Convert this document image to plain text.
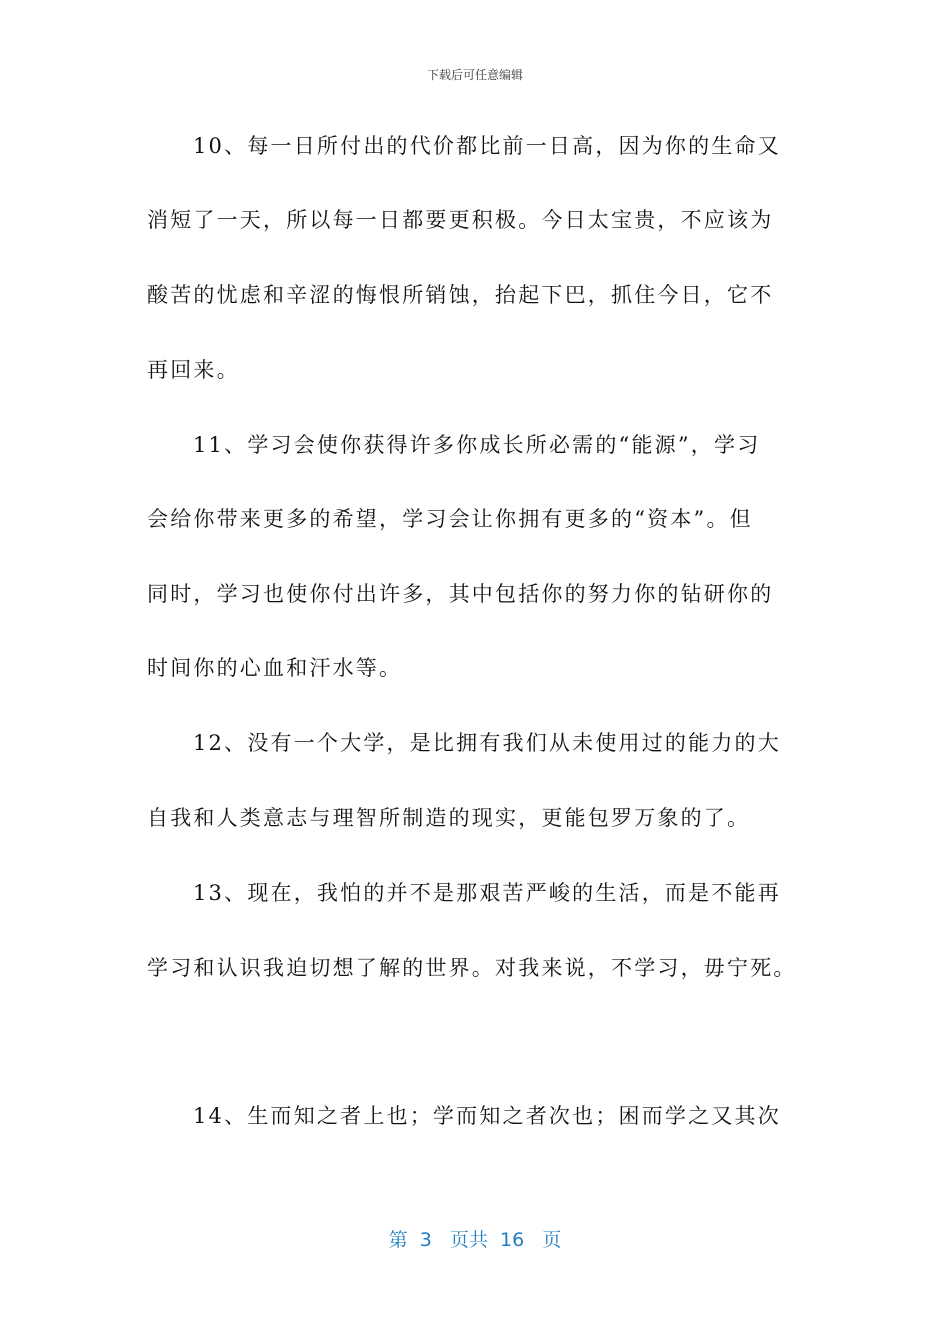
下载后可任意编辑
10、每一日所付出的代价都比前一日高，因为你的生命又
消短了一天，所以每一日都要更积极。今日太宝贵，不应该为
酸苦的忧虑和辛涩的悔恨所销蚀，抬起下巴，抓住今日，它不
再回来。
11、学习会使你获得许多你成长所必需的“能源”，学习
会给你带来更多的希望，学习会让你拥有更多的“资本”。但
同时，学习也使你付出许多，其中包括你的努力你的钻研你的
时间你的心血和汗水等。
12、没有一个大学，是比拥有我们从未使用过的能力的大
自我和人类意志与理智所制造的现实，更能包罗万象的了。
13、现在，我怕的并不是那艰苦严峻的生活，而是不能再
学习和认识我迫切想了解的世界。对我来说，不学习，毋宁死。
14、生而知之者上也；学而知之者次也；困而学之又其次
第 3 页共 16 页
